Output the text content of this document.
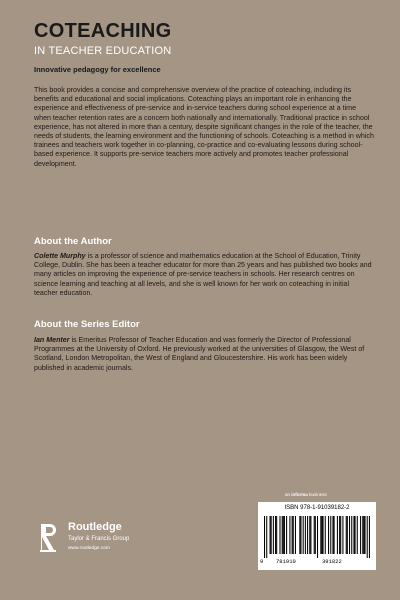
COTEACHING
IN TEACHER EDUCATION
Innovative pedagogy for excellence

This book provides a concise and comprehensive overview of the practice of coteaching, including its benefits and educational and social implications. Coteaching plays an important role in enhancing the experience and effectiveness of pre-service and in-service teachers during school experience at a time when teacher retention rates are a concern both nationally and internationally. Traditional practice in school experience, has not altered in more than a century, despite significant changes in the role of the teacher, the needs of students, the learning environment and the functioning of schools. Coteaching is a method in which trainees and teachers work together in co-planning, co-practice and co-evaluating lessons during school-based experience. It supports pre-service teachers more actively and promotes teacher professional development.

About the Author

Colette Murphy is a professor of science and mathematics education at the School of Education, Trinity College, Dublin. She has been a teacher educator for more than 25 years and has published two books and many articles on improving the experience of pre-service teachers in schools. Her research centres on science learning and teaching at all levels, and she is well known for her work on coteaching in initial teacher education.

About the Series Editor

Ian Menter is Emeritus Professor of Teacher Education and was formerly the Director of Professional Programmes at the University of Oxford. He previously worked at the universities of Glasgow, the West of Scotland, London Metropolitan, the West of England and Gloucestershire. His work has been widely published in academic journals.

Routledge
Taylor & Francis Group
www.routledge.com
an informa business
ISBN 978-1-91039182-2
9 781910	391822
